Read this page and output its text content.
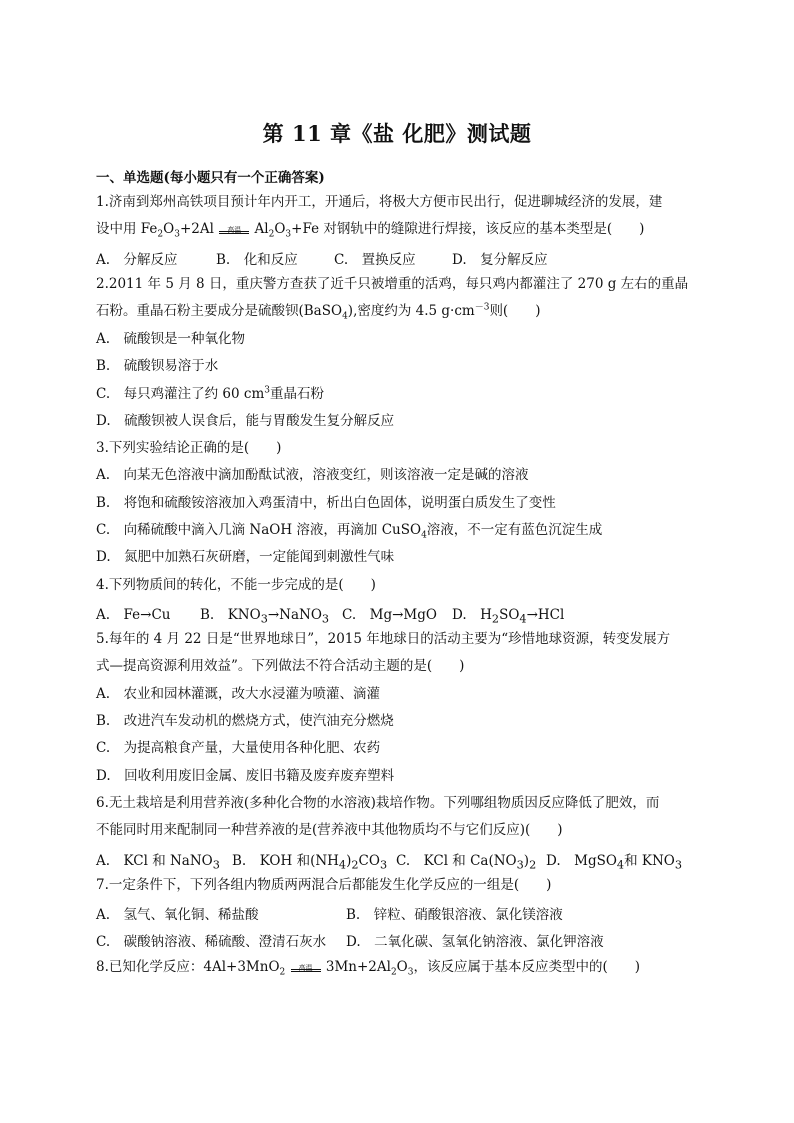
第 11 章《盐 化肥》测试题
一、单选题(每小题只有一个正确答案)
1.济南到郑州高铁项目预计年内开工，开通后，将极大方便市民出行，促进聊城经济的发展，建
设中用 $Fe_2O_3+2Al$	高温 $Al_2O_3+Fe$ 对钢轨中的缝隙进行焊接，该反应的基本类型是(　　)
A.　分解反应	B.　化和反应	C.　置换反应	D.　复分解反应
2.2011 年 5 月 8 日，重庆警方查获了近千只被增重的活鸡，每只鸡内都灌注了 270 g 左右的重晶
石粉。重晶石粉主要成分是硫酸钡(BaSO$_4$),密度约为 4.5 $g\cdot cm^{-3}$则(　　)
A.　硫酸钡是一种氧化物
B.　硫酸钡易溶于水
C.　每只鸡灌注了约 60 $cm^3$重晶石粉
D.　硫酸钡被人误食后，能与胃酸发生复分解反应
3.下列实验结论正确的是(　　)
A.　向某无色溶液中滴加酚酞试液，溶液变红，则该溶液一定是碱的溶液
B.　将饱和硫酸铵溶液加入鸡蛋清中，析出白色固体，说明蛋白质发生了变性
C.　向稀硫酸中滴入几滴 NaOH 溶液，再滴加 CuSO$_4$溶液，不一定有蓝色沉淀生成
D.　氮肥中加熟石灰研磨，一定能闻到刺激性气味
4.下列物质间的转化，不能一步完成的是(　　)
A.　Fe→Cu B.　$KNO_3\to NaNO_3$ C.　Mg→MgO D.　$H_2SO_4\to HCl$
5.每年的 4 月 22 日是“世界地球日”，2015 年地球日的活动主要为“珍惜地球资源，转变发展方
式—提高资源利用效益”。下列做法不符合活动主题的是(　　)
A.　农业和园林灌溉，改大水浸灌为喷灌、滴灌
B.　改进汽车发动机的燃烧方式，使汽油充分燃烧
C.　为提高粮食产量，大量使用各种化肥、农药
D.　回收利用废旧金属、废旧书籍及废弃废弃塑料
6.无土栽培是利用营养液(多种化合物的水溶液)栽培作物。下列哪组物质因反应降低了肥效，而
不能同时用来配制同一种营养液的是(营养液中其他物质均不与它们反应)(　　)
A.　KCl 和 NaNO$_3$ B.　KOH 和$(NH_4)_2CO_3$ C.　KCl 和 $Ca(NO_3)_2$ D.　MgSO$_4$和 $KNO_3$
7.一定条件下，下列各组内物质两两混合后都能发生化学反应的一组是(　　)
A.　氢气、氧化铜、稀盐酸	B.　锌粒、硝酸银溶液、氯化镁溶液
C.　碳酸钠溶液、稀硫酸、澄清石灰水 D.　二氧化碳、氢氧化钠溶液、氯化钾溶液
8.已知化学反应：4Al+3MnO$_2$
高温 $3Mn+2Al_2O_3$，该反应属于基本反应类型中的(　　)
